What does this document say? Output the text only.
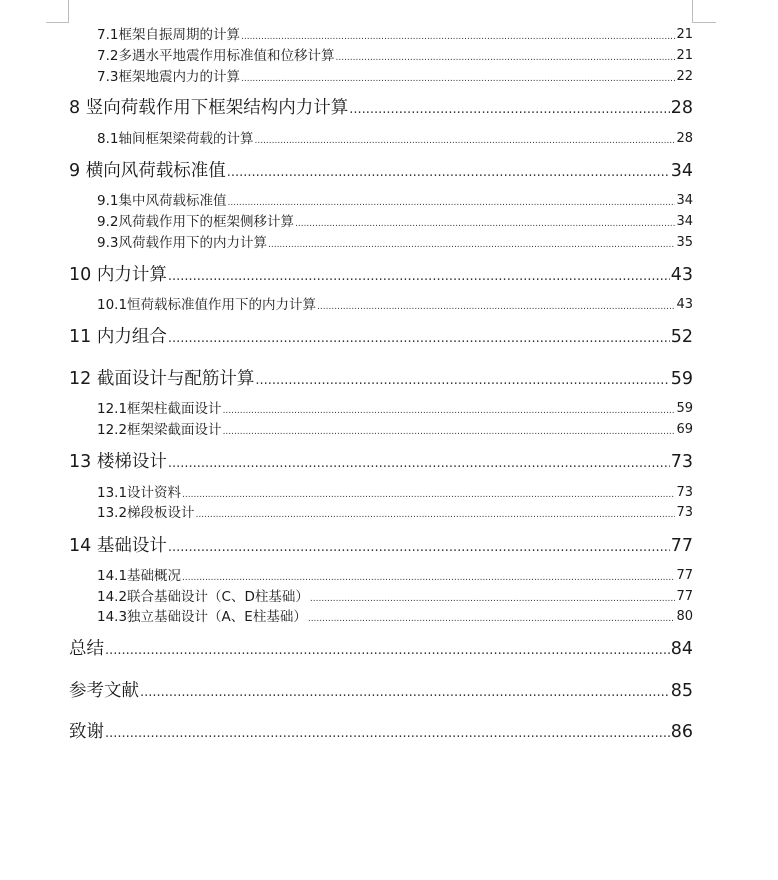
7.1框架自振周期的计算 .....	21
7.2多遇水平地震作用标准值和位移计算 .....	21
7.3框架地震内力的计算 .....	22
8 竖向荷载作用下框架结构内力计算 .....	28
8.1轴间框架梁荷载的计算 .....	28
9 横向风荷载标准值 .....	34
9.1集中风荷载标准值 .....	34
9.2风荷载作用下的框架侧移计算 .....	34
9.3风荷载作用下的内力计算 .....	35
10 内力计算 .....	43
10.1恒荷载标准值作用下的内力计算 .....	43
11 内力组合 .....	52
12 截面设计与配筋计算 .....	59
12.1框架柱截面设计 .....	59
12.2框架梁截面设计 .....	69
13 楼梯设计 .....	73
13.1设计资料 .....	73
13.2梯段板设计 .....	73
14 基础设计 .....	77
14.1基础概况 .....	77
14.2联合基础设计（C、D柱基础） .....	77
14.3独立基础设计（A、E柱基础） .....	80
总结 .....	84
参考文献 .....	85
致谢 .....	86
